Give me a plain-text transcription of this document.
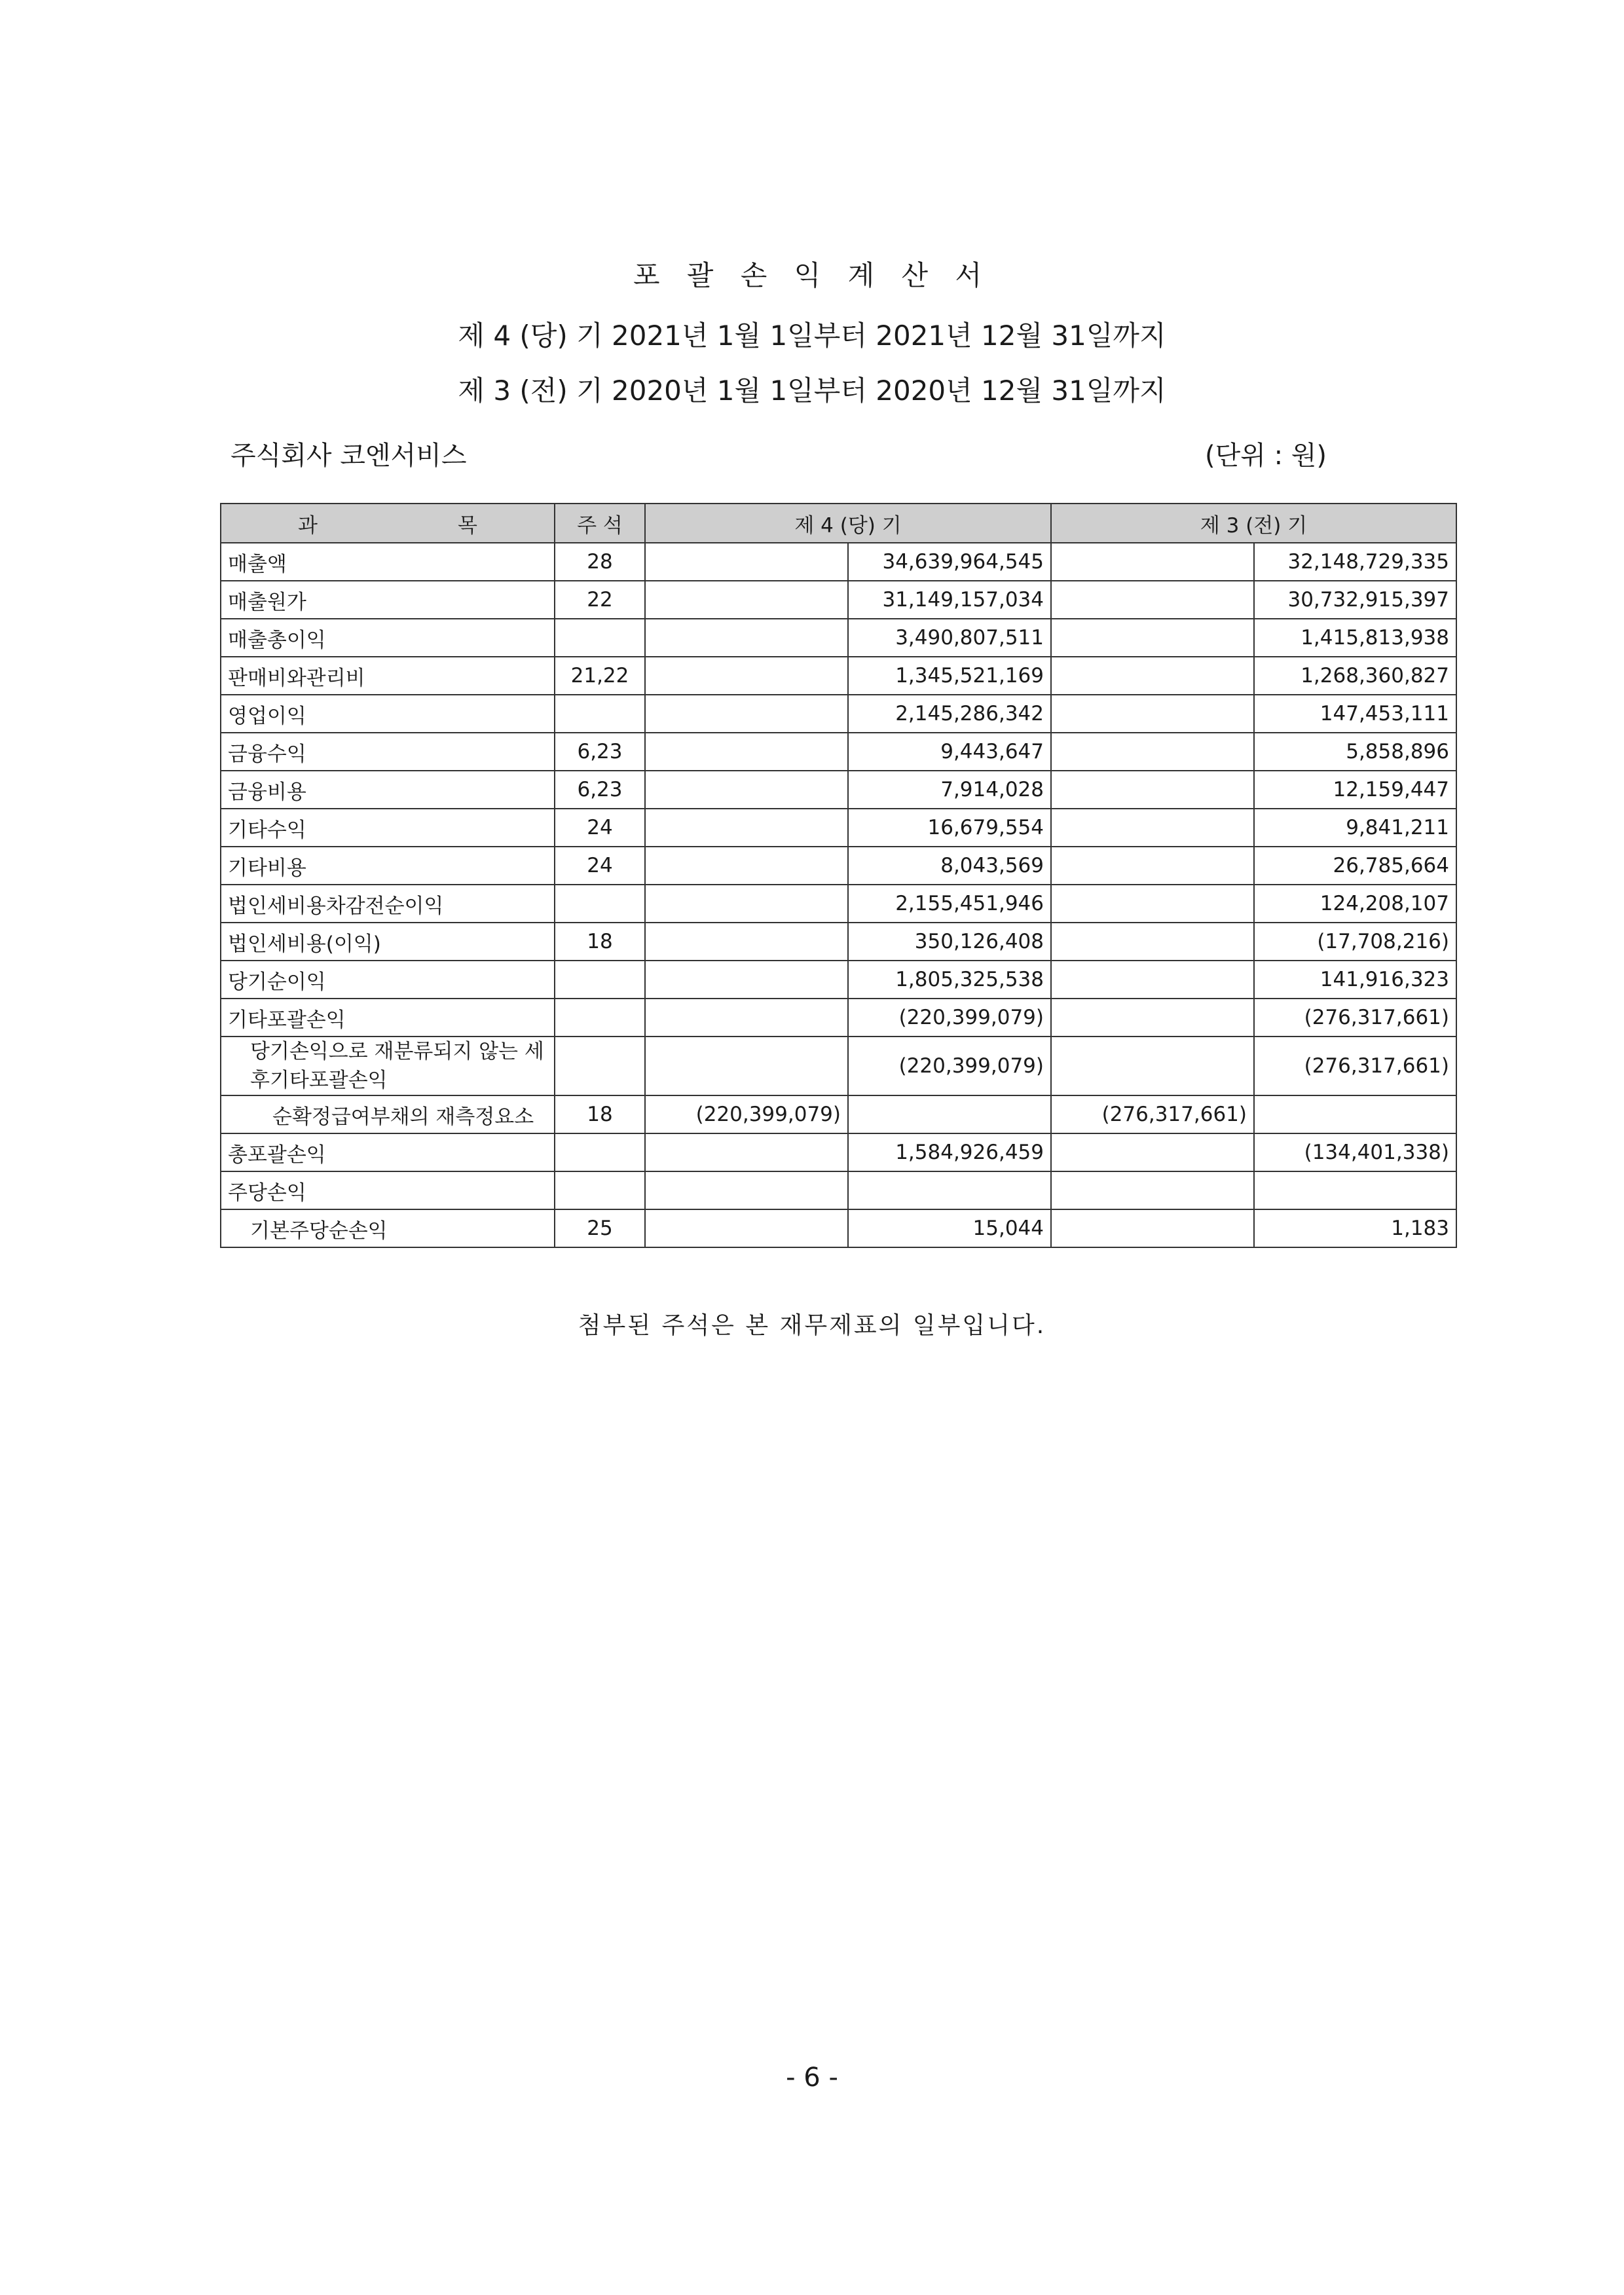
포 괄 손 익 계 산 서
제 4 (당) 기 2021년 1월 1일부터 2021년 12월 31일까지
제 3 (전) 기 2020년 1월 1일부터 2020년 12월 31일까지
주식회사 코엔서비스	(단위 : 원)
과 목	주 석	제 4 (당) 기		제 3 (전) 기	
매출액	28		34,639,964,545		32,148,729,335
매출원가	22		31,149,157,034		30,732,915,397
매출총이익			3,490,807,511		1,415,813,938
판매비와관리비	21,22		1,345,521,169		1,268,360,827
영업이익			2,145,286,342		147,453,111
금융수익	6,23		9,443,647		5,858,896
금융비용	6,23		7,914,028		12,159,447
기타수익	24		16,679,554		9,841,211
기타비용	24		8,043,569		26,785,664
법인세비용차감전순이익			2,155,451,946		124,208,107
법인세비용(이익)	18		350,126,408		(17,708,216)
당기순이익			1,805,325,538		141,916,323
기타포괄손익			(220,399,079)		(276,317,661)
당기손익으로 재분류되지 않는 세후기타포괄손익			(220,399,079)		(276,317,661)
순확정급여부채의 재측정요소	18	(220,399,079)		(276,317,661)	
총포괄손익			1,584,926,459		(134,401,338)
주당손익					
기본주당순손익	25		15,044		1,183
첨부된 주석은 본 재무제표의 일부입니다.
- 6 -
